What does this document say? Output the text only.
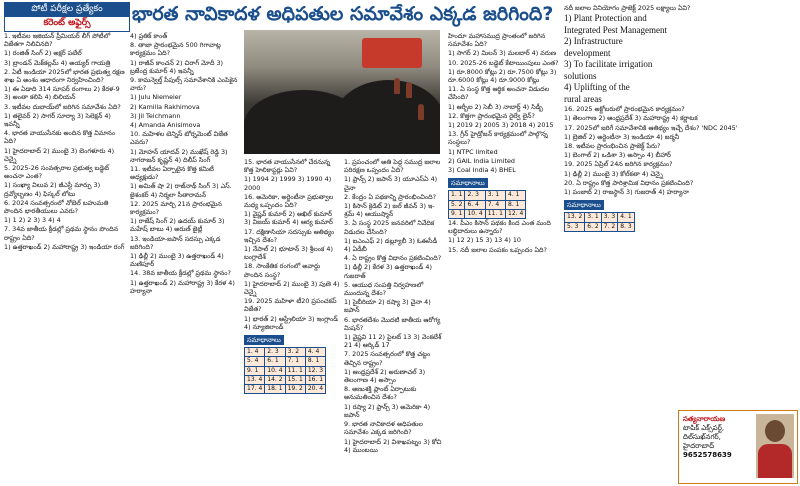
పోటీ పరీక్షల ప్రత్యేకం
కరెంట్ అఫైర్స్	భారత నావికాదళ అధిపతుల సమావేశం ఎక్కడ జరిగింది?

1. ఇటీవల ఇజియన్ ప్రీమియర్ లీగ్ పోటీలో విజేతగా నిలిచినది?

1) రంజిత్ సింగ్ 2) అక్షర్ పటేల్

3) బ్రాండన్ మెక్‌కల్లమ్ 4) అయ్యర్ గాయత్రి

2. ఏటీ ఇండియా 2025లో భారత ప్రభుత్వ రక్షణ శాఖ ఏ అంశం ఆధారంగా నిర్వహించింది?

1) ఈ ఏడాది 314 సూపర్ రంగాలు 2) కేరళ-9 3) అంతా కలిపి 4) బిలియన్

3. ఇటీవల దుబాయ్‌లో జరిగిన సమావేశం ఏది?

1) తలైవర్ 2) సాగర్ సూర్యా 3) సెలెక్షన్ 4) ఇవన్నీ

4. భారత వాయుసేనకు అందిన కొత్త విమానం ఏది?

1) హైదరాబాద్ 2) ముంబై 3) బెంగళూరు 4) చెన్నై

5. 2025-26 సంవత్సరాల ప్రభుత్వ బడ్జెట్ అంచనా ఎంత?

1) సంఖ్యా విలువ 2) జీఎస్టీ మార్పు 3) ద్రవ్యోల్బణం 4) ఫిస్కల్ లోటు

6. 2024 సంవత్సరంలో నోబెల్ బహుమతి పొందిన భారతీయులు ఎవరు?

1) 1 2) 2 3) 3 4) 4

7. 34వ జాతీయ క్రీడల్లో ప్రథమ స్థానం పొందిన రాష్ట్రం ఏది?

1) ఉత్తరాఖండ్ 2) మహారాష్ట్ర 3) ఇండియా రంగ్

4) ప్రతిక్ కాంత్

8. తాజా ప్రారంభమైన 500 గిగావాట్ల కార్యక్రమం ఏది?

1) రాజీవ్ కాంచన్ 2) చిరాగ్ మోదీ 3) బ్రజేంద్ర కుమార్ 4) ఇవన్నీ

9. కామన్వెల్త్ పీపుల్స్ సమావేశానికి ఎంపికైన వారు?

1) Julu Niemeier

2) Kamilla Rakhimova

3) Jil Teichmann

4) Amanda Anisimova

10. మహిళల టెన్నిస్ టోర్నమెంట్ విజేత ఎవరు?

1) మోహన్ యాదవ్ 2) ముఖేష్ రెడ్డి 3) నాగరాజన్ కృష్ణన్ 4) దిలీప్ సింగ్

11. ఇటీవల ఏర్పాటైన కొత్త కమిటీ అధ్యక్షుడు?

1) అమిత్ షా 2) రాజ్‌నాథ్ సింగ్ 3) ఎస్. జైశంకర్ 4) నిర్మలా సీతారామన్

12. 2025 మార్చి 21న ప్రారంభమైన కార్యక్రమం?

1) రాజేష్ సింగ్ 2) ఉదయ్ కుమార్ 3) మహేష్ బాబు 4) అరుణ్ జైట్లీ

13. ఇండియా-జపాన్ సదస్సు ఎక్కడ జరిగింది?

1) ఢిల్లీ 2) ముంబై 3) ఉత్తరాఖండ్ 4) మణిపూర్

14. 38వ జాతీయ క్రీడల్లో ప్రథమ స్థానం?

1) ఉత్తరాఖండ్ 2) మహారాష్ట్ర 3) కేరళ 4) హర్యానా

15. భారత వాయుసేనలో చేరనున్న కొత్త హెలికాప్టర్లు ఏవి?

1) 1994 2) 1999 3) 1990 4) 2000

16. అమెరికా, అర్జెంటీనా ప్రభుత్వాల మధ్య ఒప్పందం ఏది?

1) వైష్ణవ్ కుమార్ 2) అఖిల్ కుమార్ 3) విజయ్ కుమార్ 4) ఆర్య కుమార్

17. దక్షిణాసియా సదస్సుకు ఆతిథ్యం ఇచ్చిన దేశం?

1) నేపాల్ 2) భూటాన్ 3) శ్రీలంక 4) బంగ్లాదేశ్

18. సాంకేతిక రంగంలో అవార్డు పొందిన సంస్థ?

1) హైదరాబాద్ 2) ముంబై 3) పుణె 4) చెన్నై

19. 2025 మహిళా టీ20 ప్రపంచకప్ విజేత?

1) భారత్ 2) ఆస్ట్రేలియా 3) ఇంగ్లాండ్ 4) న్యూజిలాండ్

సమాధానాలు
1. 4	2. 3	3. 2	4. 4
5. 4	6. 1	7. 1	8. 1
9. 1	10. 4	11. 1	12. 3
13. 4	14. 2	15. 1	16. 1
17. 4	18. 1	19. 2	20. 4

1. ప్రపంచంలో అతి పెద్ద సముద్ర జలాల పరిరక్షణ ఒప్పందం ఏది?

1) ఫ్రాన్స్ 2) జపాన్ 3) యూఎస్ఏ 4) చైనా

2. కేంద్రం ఏ పథకాన్ని ప్రారంభించింది?

1) కిసాన్ క్రెడిట్ 2) జల్ జీవన్ 3) ఇ-శ్రమ్ 4) ఆయుష్మాన్

3. ఏ సంస్థ 2025 జనవరిలో నివేదిక విడుదల చేసింది?

1) ఐఎంఎఫ్ 2) డబ్ల్యూబీ 3) ఓఈసీడీ 4) ఏడీబీ

4. ఏ రాష్ట్రం కొత్త విధానం ప్రకటించింది?

1) ఢిల్లీ 2) కేరళ 3) ఉత్తరాఖండ్ 4) గుజరాత్

5. ఆయుధ సంపత్తి నిర్వహణలో ముందున్న దేశం?

1) సైబీరియా 2) రష్యా 3) చైనా 4) జపాన్

6. భారతదేశం మొదటి జాతీయ ఆరోగ్య మిషన్?

1) వైష్ణవి 11 2) పైలట్ 13 3) వెంకటేశ్ 21 4) ఆర్కిడ్ 17

7. 2025 సంవత్సరంలో కొత్త చట్టం తెచ్చిన రాష్ట్రం?

1) ఆంధ్రప్రదేశ్ 2) అరుణాచల్ 3) తెలంగాణ 4) అస్సాం

8. అణుశక్తి ప్లాంట్ ఏర్పాటుకు అనుమతించిన దేశం?

1) రష్యా 2) ఫ్రాన్స్ 3) అమెరికా 4) జపాన్

9. భారత నావికాదళ అధిపతుల సమావేశం ఎక్కడ జరిగింది?

1) హైదరాబాద్ 2) విశాఖపట్నం 3) కోచి 4) ముంబయి

హిందూ మహాసముద్ర ప్రాంతంలో జరిగిన సమావేశం ఏది?

1) సాగర్ 2) మిలన్ 3) మలబార్ 4) వరుణ

10. 2025-26 బడ్జెట్ కేటాయింపులు ఎంత?

1) రూ.8000 కోట్లు 2) రూ.7500 కోట్లు 3) రూ.6000 కోట్లు 4) రూ.9000 కోట్లు

11. ఏ సంస్థ కొత్త ఆర్థిక అంచనా విడుదల చేసింది?

1) ఆర్బీఐ 2) సెబీ 3) నాబార్డ్ 4) సిడ్బీ

12. కొత్తగా ప్రారంభమైన రైల్వే లైన్?

1) 2019 2) 2005 3) 2018 4) 2015

13. గ్రీన్ హైడ్రోజన్ కార్యక్రమంలో పాల్గొన్న సంస్థలు?

1) NTPC limited

2) GAIL India Limited

3) Coal India 4) BHEL

సమాధానాలు
1. 1	2. 3	3. 1	4. 1
5. 2	6. 4	7. 4	8. 1
9. 1	10. 4	11. 1	12. 4

14. పీఎం కిసాన్ పథకం కింద ఎంత మంది లబ్ధిదారులు ఉన్నారు?

1) 12 2) 15 3) 13 4) 10

15. నదీ జలాల పంపకం ఒప్పందం ఏది?

నదీ జలాల వినియోగం ప్రాజెక్ట్ 2025 లక్ష్యాలు ఏవి?

1) Plant Protection and

Integrated Pest Management

2) Infrastructure

development

3) To facilitate irrigation

solutions

4) Uplifting of the

rural areas

16. 2025 అక్టోబరులో ప్రారంభమైన కార్యక్రమం?

1) తెలంగాణ 2) ఆంధ్రప్రదేశ్ 3) మహారాష్ట్ర 4) కర్ణాటక

17. 2025లో జరిగే సమావేశానికి ఆతిథ్యం ఇచ్చే దేశం? 'NDC 2045'

1) బ్రెజిల్ 2) అర్జెంటీనా 3) ఇండియా 4) జర్మనీ

18. ఇటీవల ప్రారంభించిన ప్రాజెక్ట్ పేరు?

1) బెంగాల్ 2) ఒడిశా 3) అస్సాం 4) బీహార్

19. 2025 ఏప్రిల్ 24న జరిగిన కార్యక్రమం?

1) ఢిల్లీ 2) ముంబై 3) కోల్‌కతా 4) చెన్నై

20. ఏ రాష్ట్రం కొత్త పారిశ్రామిక విధానం ప్రకటించింది?

1) పంజాబ్ 2) రాజస్థాన్ 3) గుజరాత్ 4) హర్యానా

సమాధానాలు
13. 2	3. 1	3. 3	4. 1
5. 3	6. 2	7. 2	8. 3
సత్యనారాయణ
టాపిక్ ఎక్స్‌పర్ట్,
దిల్‌సుఖ్‌నగర్, హైదరాబాద్
9652578639
